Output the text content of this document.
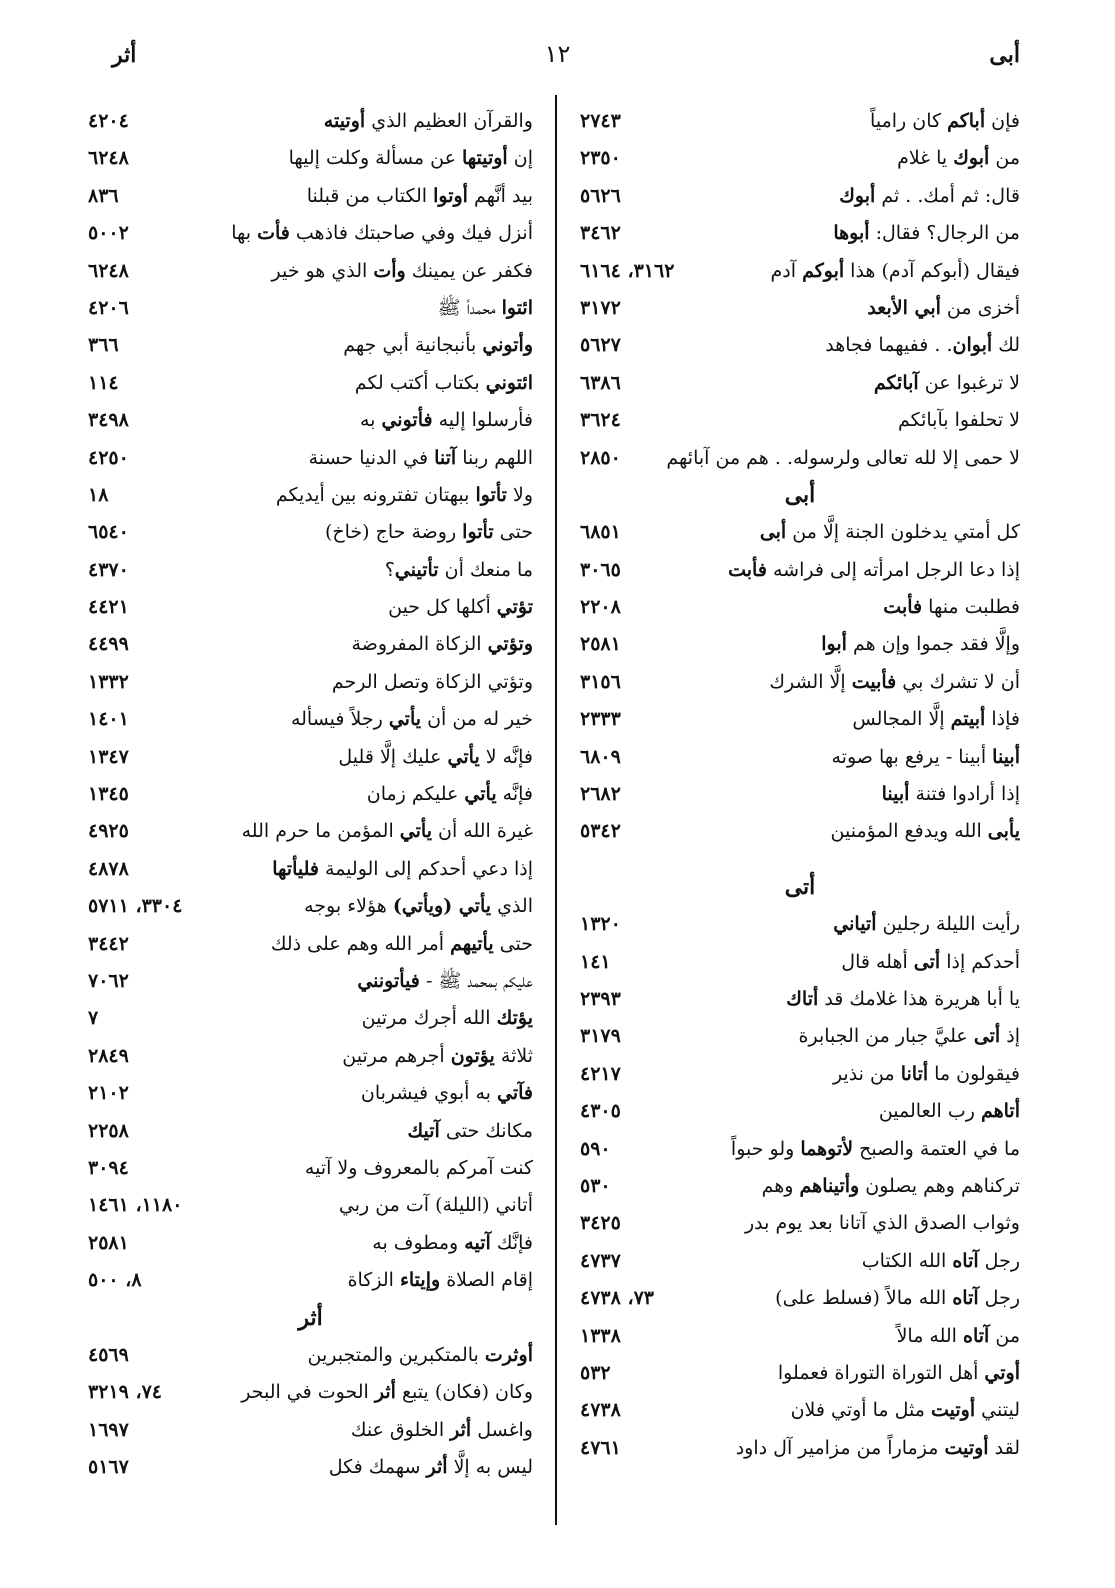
أبى
١٢
أثر
فإن أباكم كان رامياً
٢٧٤٣
من أبوك يا غلام
٢٣٥٠
قال: ثم أمك. . ثم أبوك
٥٦٢٦
من الرجال؟ فقال: أبوها
٣٤٦٢
فيقال (أبوكم آدم) هذا أبوكم آدم
٣١٦٢، ٦١٦٤
أخزى من أبي الأبعد
٣١٧٢
لك أبوان. . ففيهما فجاهد
٥٦٢٧
لا ترغبوا عن آبائكم
٦٣٨٦
لا تحلفوا بآبائكم
٣٦٢٤
لا حمى إلا لله تعالى ولرسوله. . هم من آبائهم
٢٨٥٠
أبى
كل أمتي يدخلون الجنة إلَّا من أبى
٦٨٥١
إذا دعا الرجل امرأته إلى فراشه فأبت
٣٠٦٥
فطلبت منها فأبت
٢٢٠٨
وإلَّا فقد جموا وإن هم أبوا
٢٥٨١
أن لا تشرك بي فأبيت إلَّا الشرك
٣١٥٦
فإذا أبيتم إلَّا المجالس
٢٣٣٣
أبينا أبينا - يرفع بها صوته
٦٨٠٩
إذا أرادوا فتنة أبينا
٢٦٨٢
يأبى الله ويدفع المؤمنين
٥٣٤٢
أتى
رأيت الليلة رجلين أتياني
١٣٢٠
أحدكم إذا أتى أهله قال
١٤١
يا أبا هريرة هذا غلامك قد أتاك
٢٣٩٣
إذ أتى عليَّ جبار من الجبابرة
٣١٧٩
فيقولون ما أتانا من نذير
٤٢١٧
أتاهم رب العالمين
٤٣٠٥
ما في العتمة والصبح لأتوهما ولو حبواً
٥٩٠
تركناهم وهم يصلون وأتيناهم وهم
٥٣٠
وثواب الصدق الذي آتانا بعد يوم بدر
٣٤٢٥
رجل آتاه الله الكتاب
٤٧٣٧
رجل آتاه الله مالاً (فسلط على)
٧٣، ٤٧٣٨
من آتاه الله مالاً
١٣٣٨
أوتي أهل التوراة التوراة فعملوا
٥٣٢
ليتني أوتيت مثل ما أوتي فلان
٤٧٣٨
لقد أوتيت مزماراً من مزامير آل داود
٤٧٦١
والقرآن العظيم الذي أوتيته
٤٢٠٤
إن أوتيتها عن مسألة وكلت إليها
٦٢٤٨
بيد أنَّهم أوتوا الكتاب من قبلنا
٨٣٦
أنزل فيك وفي صاحبتك فاذهب فأت بها
٥٠٠٢
فكفر عن يمينك وأت الذي هو خير
٦٢٤٨
ائتوا محمداً ﷺ
٤٢٠٦
وأتوني بأنبجانية أبي جهم
٣٦٦
ائتوني بكتاب أكتب لكم
١١٤
فأرسلوا إليه فأتوني به
٣٤٩٨
اللهم ربنا آتنا في الدنيا حسنة
٤٢٥٠
ولا تأتوا ببهتان تفترونه بين أيديكم
١٨
حتى تأتوا روضة حاج (خاخ)
٦٥٤٠
ما منعك أن تأتيني؟
٤٣٧٠
تؤتي أكلها كل حين
٤٤٢١
وتؤتي الزكاة المفروضة
٤٤٩٩
وتؤتي الزكاة وتصل الرحم
١٣٣٢
خير له من أن يأتي رجلاً فيسأله
١٤٠١
فإنَّه لا يأتي عليك إلَّا قليل
١٣٤٧
فإنَّه يأتي عليكم زمان
١٣٤٥
غيرة الله أن يأتي المؤمن ما حرم الله
٤٩٢٥
إذا دعي أحدكم إلى الوليمة فليأتها
٤٨٧٨
الذي يأتي (ويأتي) هؤلاء بوجه
٣٣٠٤، ٥٧١١
حتى يأتيهم أمر الله وهم على ذلك
٣٤٤٢
عليكم بمحمد ﷺ - فيأتونني
٧٠٦٢
يؤتك الله أجرك مرتين
٧
ثلاثة يؤتون أجرهم مرتين
٢٨٤٩
فآتي به أبوي فيشربان
٢١٠٢
مكانك حتى آتيك
٢٢٥٨
كنت آمركم بالمعروف ولا آتيه
٣٠٩٤
أتاني (الليلة) آت من ربي
١١٨٠، ١٤٦١
فإنَّك آتيه ومطوف به
٢٥٨١
إقام الصلاة وإيتاء الزكاة
٨، ٥٠٠
أثر
أوثرت بالمتكبرين والمتجبرين
٤٥٦٩
وكان (فكان) يتبع أثر الحوت في البحر
٧٤، ٣٢١٩
واغسل أثر الخلوق عنك
١٦٩٧
ليس به إلَّا أثر سهمك فكل
٥١٦٧
